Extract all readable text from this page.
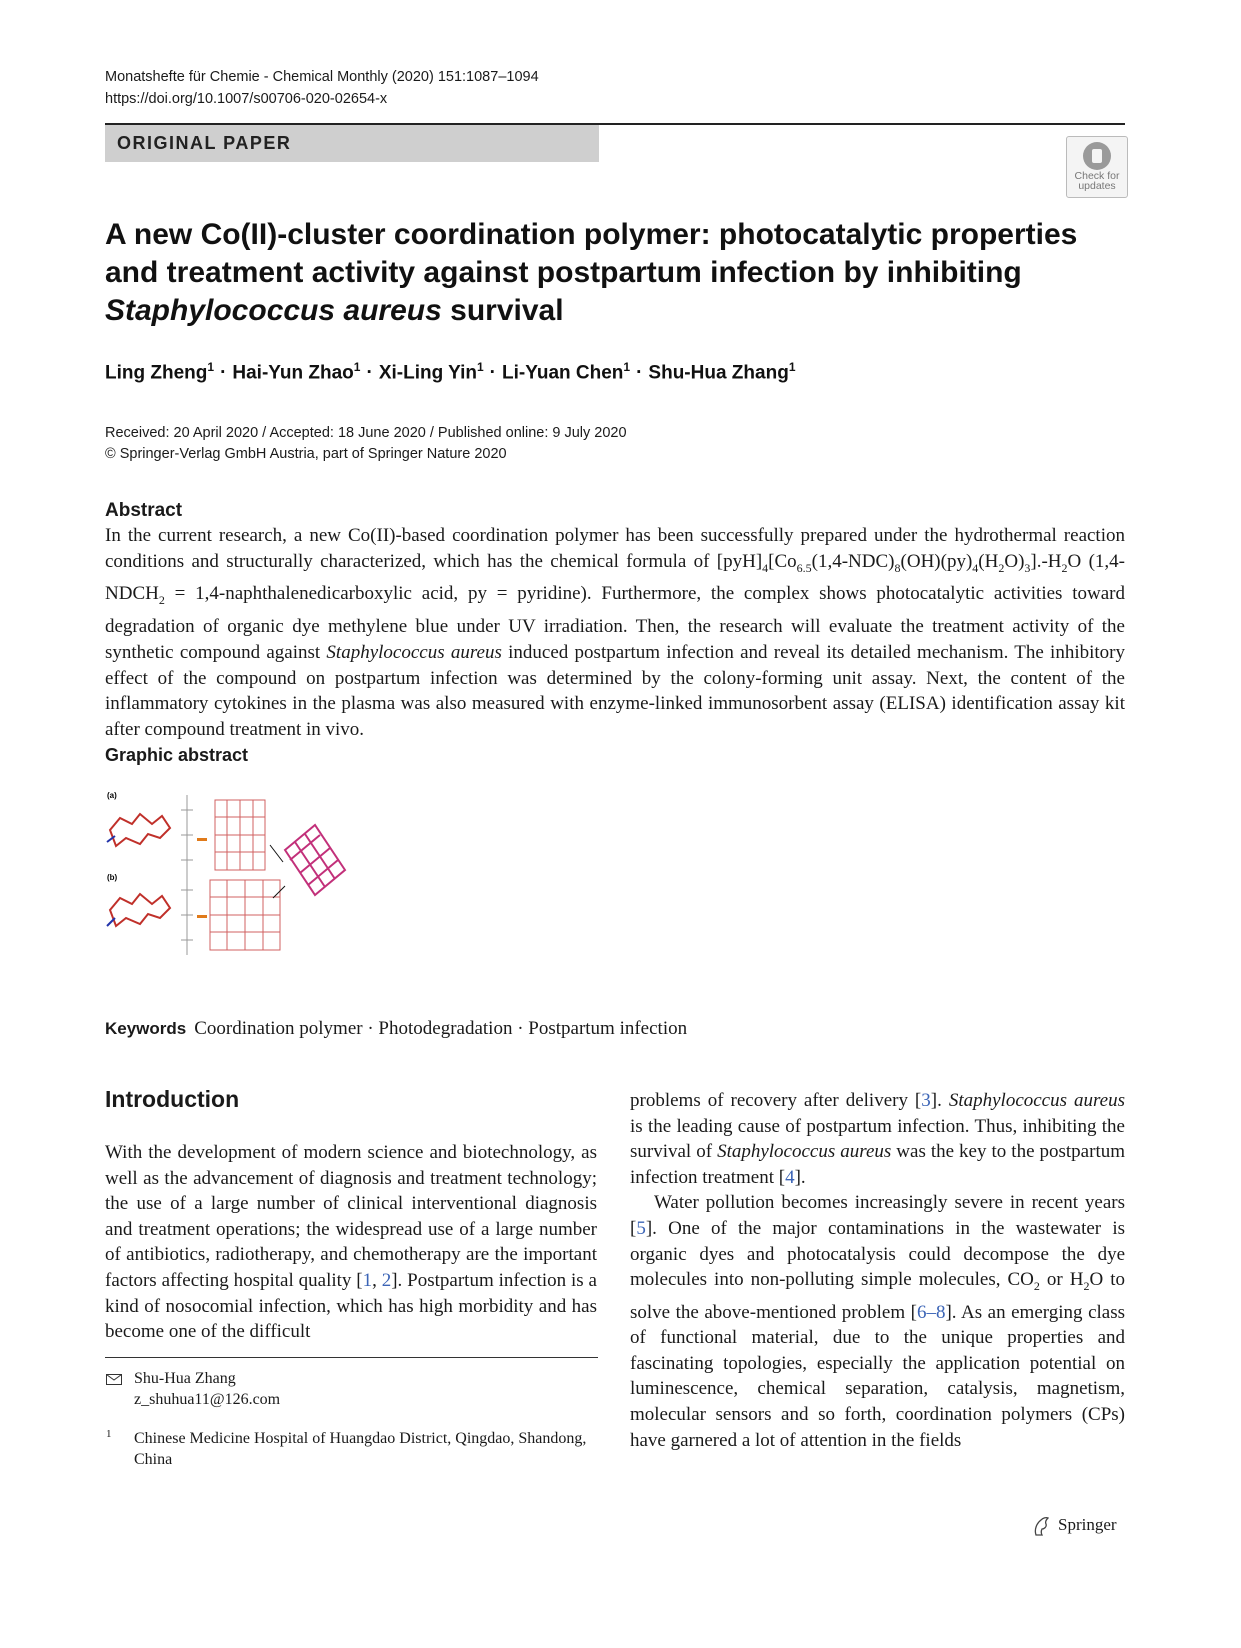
Monatshefte für Chemie - Chemical Monthly (2020) 151:1087–1094
https://doi.org/10.1007/s00706-020-02654-x
ORIGINAL PAPER
Check for
updates
A new Co(II)-cluster coordination polymer: photocatalytic properties
and treatment activity against postpartum infection by inhibiting
Staphylococcus aureus survival
Ling Zheng$^1$ · Hai-Yun Zhao$^1$ · Xi-Ling Yin$^1$ · Li-Yuan Chen$^1$ · Shu-Hua Zhang$^1$
Received: 20 April 2020 / Accepted: 18 June 2020 / Published online: 9 July 2020
© Springer-Verlag GmbH Austria, part of Springer Nature 2020
Abstract
In the current research, a new Co(II)-based coordination polymer has been successfully prepared under the hydrothermal reaction conditions and structurally characterized, which has the chemical formula of $[pyH]_4[Co_{6.5}(1,4-NDC)_8(OH)(py)_4(H_2O)_3].-H_2O$ ($1,4-NDCH_2$ = 1,4-naphthalenedicarboxylic acid, py = pyridine). Furthermore, the complex shows photocatalytic activities toward degradation of organic dye methylene blue under UV irradiation. Then, the research will evaluate the treatment activity of the synthetic compound against Staphylococcus aureus induced postpartum infection and reveal its detailed mechanism. The inhibitory effect of the compound on postpartum infection was determined by the colony-forming unit assay. Next, the content of the inflammatory cytokines in the plasma was also measured with enzyme-linked immunosorbent assay (ELISA) identification assay kit after compound treatment in vivo.
Graphic abstract
(a)
(b)
Keywords Coordination polymer · Photodegradation · Postpartum infection
Introduction

With the development of modern science and biotechnology, as well as the advancement of diagnosis and treatment technology; the use of a large number of clinical interventional diagnosis and treatment operations; the widespread use of a large number of antibiotics, radiotherapy, and chemotherapy are the important factors affecting hospital quality [1, 2]. Postpartum infection is a kind of nosocomial infection, which has high morbidity and has become one of the difficult

problems of recovery after delivery [3]. Staphylococcus aureus is the leading cause of postpartum infection. Thus, inhibiting the survival of Staphylococcus aureus was the key to the postpartum infection treatment [4].

Water pollution becomes increasingly severe in recent years [5]. One of the major contaminations in the wastewater is organic dyes and photocatalysis could decompose the dye molecules into non-polluting simple molecules, $CO_2$ or $H_2O$ to solve the above-mentioned problem [6–8]. As an emerging class of functional material, due to the unique properties and fascinating topologies, especially the application potential on luminescence, chemical separation, catalysis, magnetism, molecular sensors and so forth, coordination polymers (CPs) have garnered a lot of attention in the fields

Shu-Hua Zhang
z_shuhua11@126.com
1 Chinese Medicine Hospital of Huangdao District, Qingdao, Shandong, China
Springer
